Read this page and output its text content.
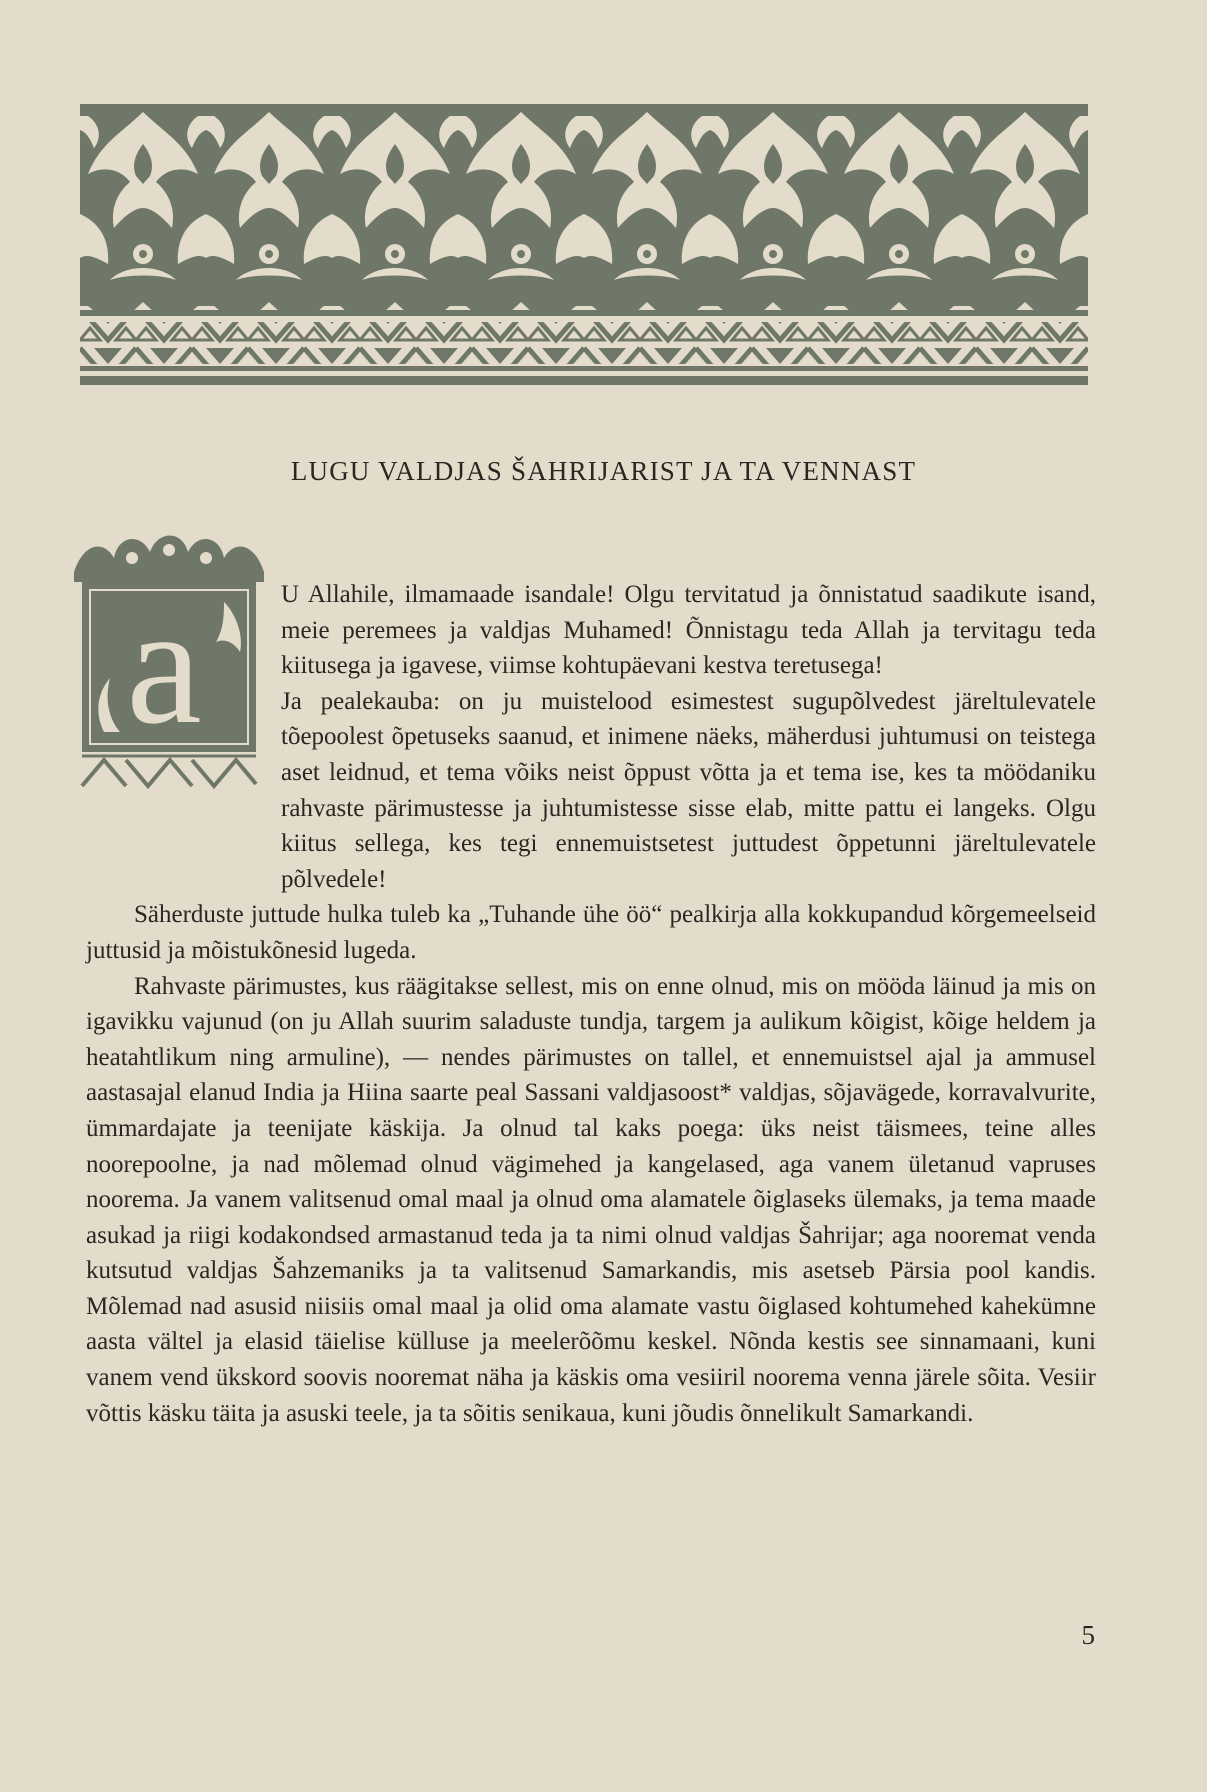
LUGU VALDJAS ŠAHRIJARIST JA TA VENNAST
a	U Allahile, ilmamaade isandale! Olgu tervitatud ja õnnistatud saadikute isand, meie peremees ja valdjas Muhamed! Õnnistagu teda Allah ja tervitagu teda kiitusega ja igavese, viimse kohtupäevani kestva teretusega!

Ja pealekauba: on ju muistelood esimestest sugupõlvedest järeltulevatele tõepoolest õpetuseks saanud, et inimene näeks, mäherdusi juhtumusi on teistega aset leidnud, et tema võiks neist õppust võtta ja et tema ise, kes ta möödaniku rahvaste pärimustesse ja juhtumistesse sisse elab, mitte pattu ei langeks. Olgu kiitus sellega, kes tegi ennemuistsetest juttudest õppetunni järeltulevatele põlvedele!

Säherduste juttude hulka tuleb ka „Tuhande ühe öö“ pealkirja alla kokkupandud kõrgemeelseid juttusid ja mõistukõnesid lugeda.

Rahvaste pärimustes, kus räägitakse sellest, mis on enne olnud, mis on mööda läinud ja mis on igavikku vajunud (on ju Allah suurim saladuste tundja, targem ja aulikum kõigist, kõige heldem ja heatahtlikum ning armuline), — nendes pärimustes on tallel, et ennemuistsel ajal ja ammusel aastasajal elanud India ja Hiina saarte peal Sassani valdjasoost* valdjas, sõjavägede, korravalvurite, ümmardajate ja teenijate käskija. Ja olnud tal kaks poega: üks neist täismees, teine alles noorepoolne, ja nad mõlemad olnud vägimehed ja kangelased, aga vanem ületanud vapruses noorema. Ja vanem valitsenud omal maal ja olnud oma alamatele õiglaseks ülemaks, ja tema maade asukad ja riigi kodakondsed armastanud teda ja ta nimi olnud valdjas Šahrijar; aga nooremat venda kutsutud valdjas Šahzemaniks ja ta valitsenud Samarkandis, mis asetseb Pärsia pool kandis. Mõlemad nad asusid niisiis omal maal ja olid oma alamate vastu õiglased kohtumehed kahekümne aasta vältel ja elasid täielise külluse ja meelerõõmu keskel. Nõnda kestis see sinnamaani, kuni vanem vend ükskord soovis nooremat näha ja käskis oma vesiiril noorema venna järele sõita. Vesiir võttis käsku täita ja asuski teele, ja ta sõitis senikaua, kuni jõudis õnnelikult Samarkandi.

5
